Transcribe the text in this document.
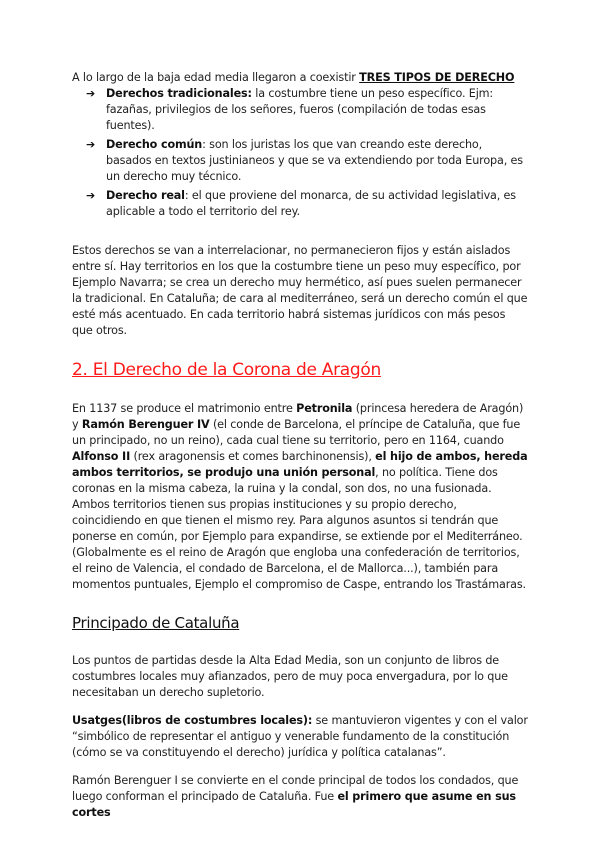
A lo largo de la baja edad media llegaron a coexistir TRES TIPOS DE DERECHO

➔ Derechos tradicionales: la costumbre tiene un peso específico. Ejm: fazañas, privilegios de los señores, fueros (compilación de todas esas fuentes).
➔ Derecho común: son los juristas los que van creando este derecho, basados en textos justinianeos y que se va extendiendo por toda Europa, es un derecho muy técnico.
➔ Derecho real: el que proviene del monarca, de su actividad legislativa, es aplicable a todo el territorio del rey.

Estos derechos se van a interrelacionar, no permanecieron fijos y están aislados entre sí. Hay territorios en los que la costumbre tiene un peso muy específico, por Ejemplo Navarra; se crea un derecho muy hermético, así pues suelen permanecer la tradicional. En Cataluña; de cara al mediterráneo, será un derecho común el que esté más acentuado. En cada territorio habrá sistemas jurídicos con más pesos que otros.

2. El Derecho de la Corona de Aragón

En 1137 se produce el matrimonio entre Petronila (princesa heredera de Aragón) y Ramón Berenguer IV (el conde de Barcelona, el príncipe de Cataluña, que fue un principado, no un reino), cada cual tiene su territorio, pero en 1164, cuando Alfonso II (rex aragonensis et comes barchinonensis), el hijo de ambos, hereda ambos territorios, se produjo una unión personal, no política. Tiene dos coronas en la misma cabeza, la ruina y la condal, son dos, no una fusionada.

Ambos territorios tienen sus propias instituciones y su propio derecho, coincidiendo en que tienen el mismo rey. Para algunos asuntos si tendrán que ponerse en común, por Ejemplo para expandirse, se extiende por el Mediterráneo. (Globalmente es el reino de Aragón que engloba una confederación de territorios, el reino de Valencia, el condado de Barcelona, el de Mallorca...), también para momentos puntuales, Ejemplo el compromiso de Caspe, entrando los Trastámaras.

Principado de Cataluña

Los puntos de partidas desde la Alta Edad Media, son un conjunto de libros de costumbres locales muy afianzados, pero de muy poca envergadura, por lo que necesitaban un derecho supletorio.

Usatges(libros de costumbres locales): se mantuvieron vigentes y con el valor “simbólico de representar el antiguo y venerable fundamento de la constitución (cómo se va constituyendo el derecho) jurídica y política catalanas”.

Ramón Berenguer I se convierte en el conde principal de todos los condados, que luego conforman el principado de Cataluña. Fue el primero que asume en sus cortes
